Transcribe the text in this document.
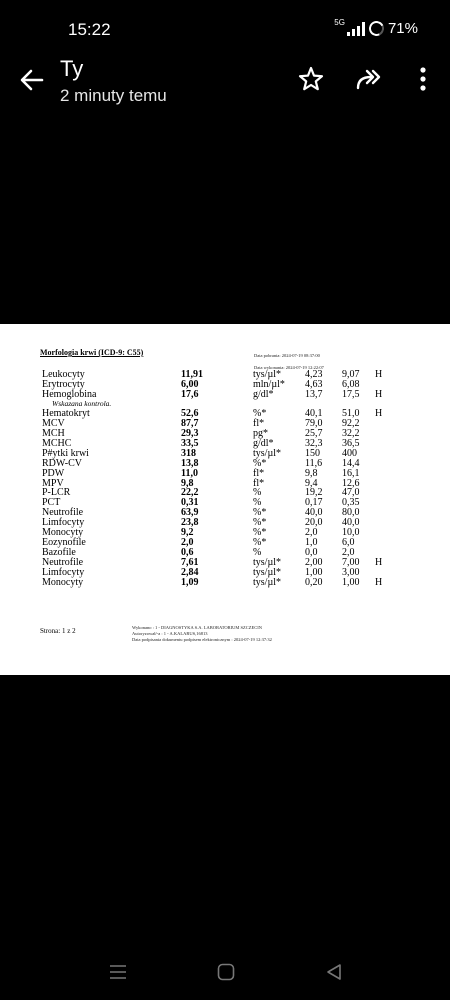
15:22	5G	71%
Ty
2 minuty temu
Morfologia krwi (ICD-9: C55)	Data pobrania: 2024-07-19 08:37:00
Data wykonania: 2024-07-19 12:22:07
Leukocyty	11,91	tys/µl* 4,23 9,07 H
Erytrocyty	6,00	mln/µl* 4,63 6,08
Hemoglobina	17,6	g/dl*	13,7 17,5 H
Hematokryt	52,6	%*	40,1 51,0 H
MCV	87,7	fl*	79,0 92,2
MCH	29,3	pg*	25,7 32,2
MCHC	33,5	g/dl*	32,3 36,5
P#ytki krwi	318	tys/µl* 150 400
RDW-CV	13,8	%*	11,6 14,4
PDW	11,0	fl*	9,8 16,1
MPV	9,8	fl*	9,4 12,6
P-LCR	22,2	%	19,2 47,0
PCT	0,31	%	0,17 0,35
Neutrofile	63,9	%*	40,0 80,0
Limfocyty	23,8	%*	20,0 40,0
Monocyty	9,2	%*	2,0 10,0
Eozynofile	2,0	%*	1,0 6,0
Bazofile	0,6	%	0,0 2,0
Neutrofile	7,61	tys/µl* 2,00 7,00 H
Limfocyty	2,84	tys/µl* 1,00 3,00
Monocyty	1,09	tys/µl* 0,20 1,00 H
Wskazana kontrola.
Strona: 1 z 2	Wykonano : 1 - DIAGNOSTYKA S.A. LABORATORIUM SZCZECIN
Autoryzował/-a : 1 - A.KALARUS,16813
Data podpisania dokumentu podpisem elektronicznym : 2024-07-19 12:37:32
